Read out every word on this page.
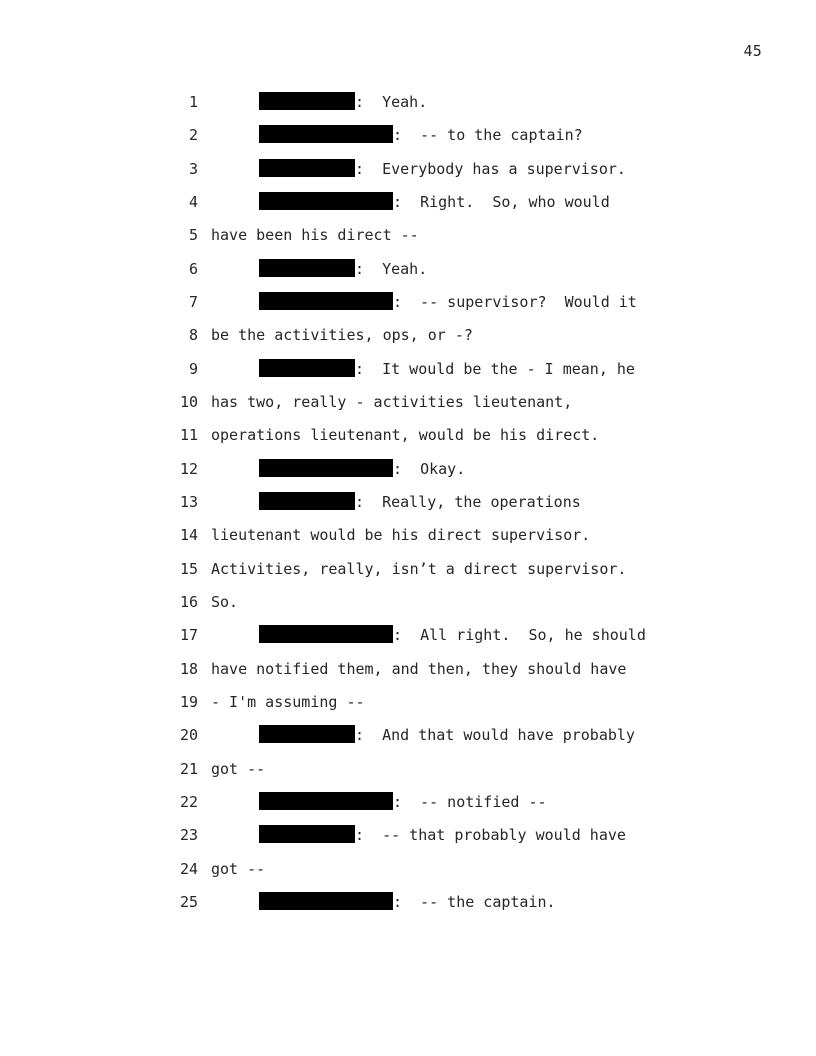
45
1	:  Yeah.
2	:  -- to the captain?
3	:  Everybody has a supervisor.
4	:  Right.  So, who would
5 have been his direct --
6	:  Yeah.
7	:  -- supervisor?  Would it
8 be the activities, ops, or -?
9	:  It would be the - I mean, he
10 has two, really - activities lieutenant,
11 operations lieutenant, would be his direct.
12	:  Okay.
13	:  Really, the operations
14 lieutenant would be his direct supervisor.
15 Activities, really, isn’t a direct supervisor.
16 So.
17	:  All right.  So, he should
18 have notified them, and then, they should have
19 - I'm assuming --
20	:  And that would have probably
21 got --
22	:  -- notified --
23	:  -- that probably would have
24 got --
25	:  -- the captain.
